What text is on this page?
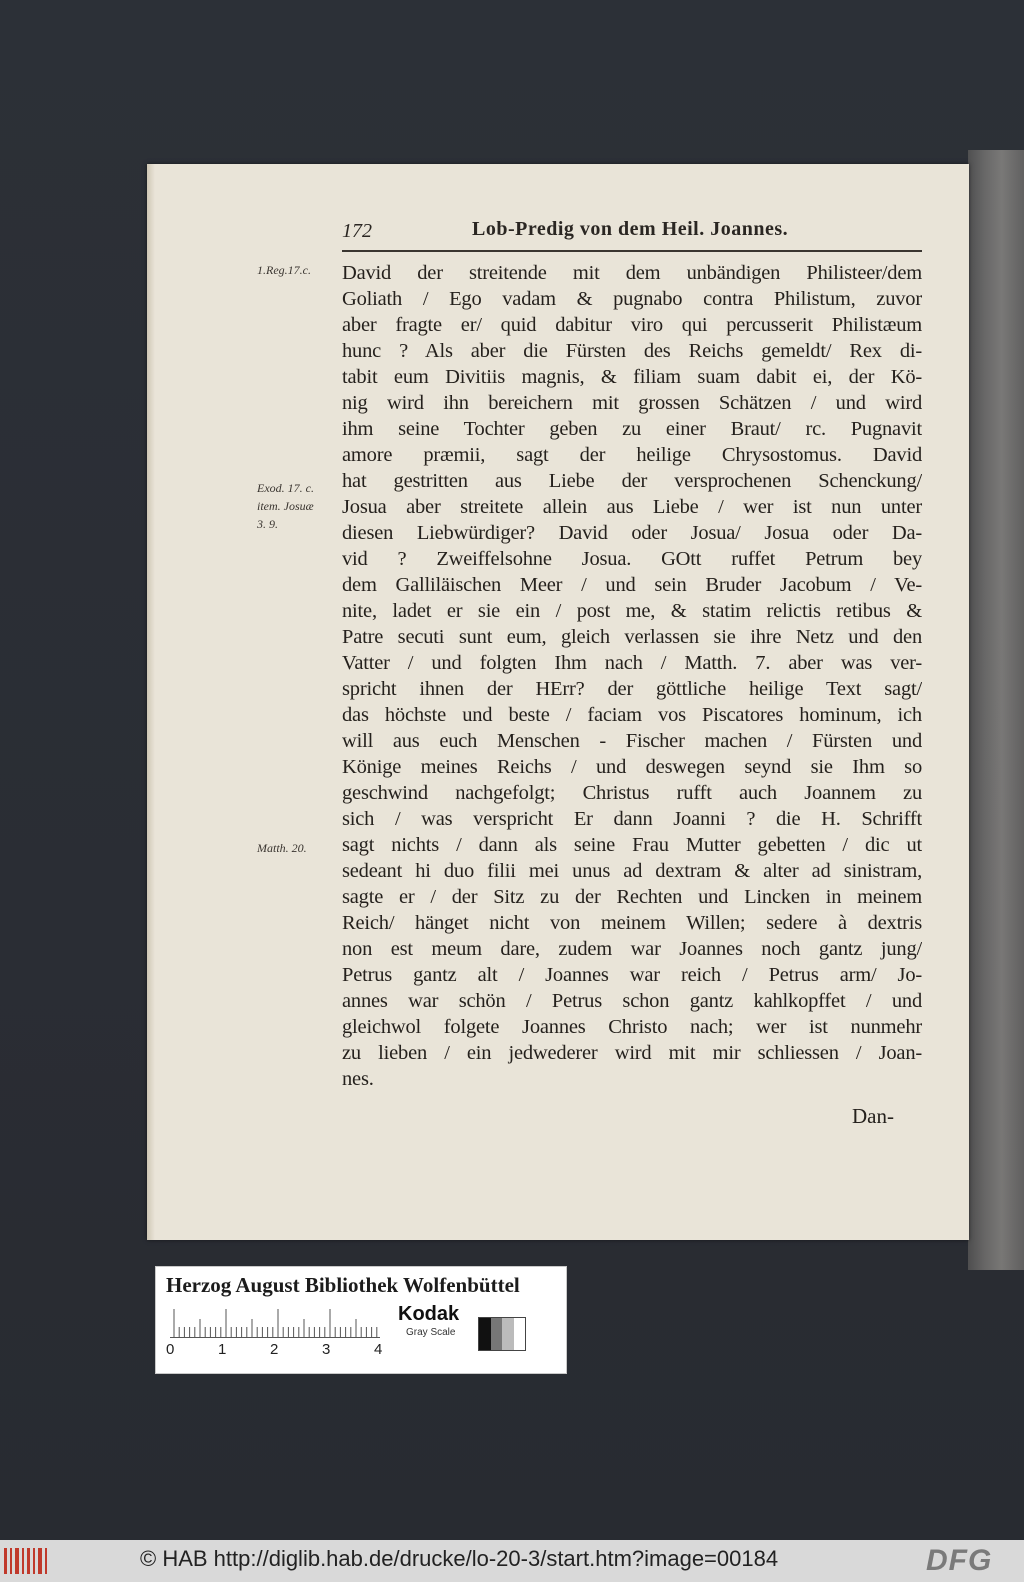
172	Lob-Predig von dem Heil. Joannes.
1.Reg.17.c.
Exod. 17. c.
item. Josuæ
3. 9.
Matth. 20.
David der streitende mit dem unbändigen Philisteer/dem
Goliath / Ego vadam & pugnabo contra Philistum, zuvor
aber fragte er/ quid dabitur viro qui percusserit Philistæum
hunc ? Als aber die Fürsten des Reichs gemeldt/ Rex di-
tabit eum Divitiis magnis, & filiam suam dabit ei, der Kö-
nig wird ihn bereichern mit grossen Schätzen / und wird
ihm seine Tochter geben zu einer Braut/ rc. Pugnavit
amore præmii, sagt der heilige Chrysostomus. David
hat gestritten aus Liebe der versprochenen Schenckung/
Josua aber streitete allein aus Liebe / wer ist nun unter
diesen Liebwürdiger? David oder Josua/ Josua oder Da-
vid ? Zweiffelsohne Josua. GOtt ruffet Petrum bey
dem Galliläischen Meer / und sein Bruder Jacobum / Ve-
nite, ladet er sie ein / post me, & statim relictis retibus &
Patre secuti sunt eum, gleich verlassen sie ihre Netz und den
Vatter / und folgten Ihm nach / Matth. 7. aber was ver-
spricht ihnen der HErr? der göttliche heilige Text sagt/
das höchste und beste / faciam vos Piscatores hominum, ich
will aus euch Menschen - Fischer machen / Fürsten und
Könige meines Reichs / und deswegen seynd sie Ihm so
geschwind nachgefolgt; Christus rufft auch Joannem zu
sich / was verspricht Er dann Joanni ? die H. Schrifft
sagt nichts / dann als seine Frau Mutter gebetten / dic ut
sedeant hi duo filii mei unus ad dextram & alter ad sinistram,
sagte er / der Sitz zu der Rechten und Lincken in meinem
Reich/ hänget nicht von meinem Willen; sedere à dextris
non est meum dare, zudem war Joannes noch gantz jung/
Petrus gantz alt / Joannes war reich / Petrus arm/ Jo-
annes war schön / Petrus schon gantz kahlkopffet / und
gleichwol folgete Joannes Christo nach; wer ist nunmehr
zu lieben / ein jedwederer wird mit mir schliessen / Joan-
nes.
Dan-
Herzog August Bibliothek Wolfenbüttel
0	1	2	3	4
Kodak
Gray Scale
© HAB http://diglib.hab.de/drucke/lo-20-3/start.htm?image=00184	DFG
